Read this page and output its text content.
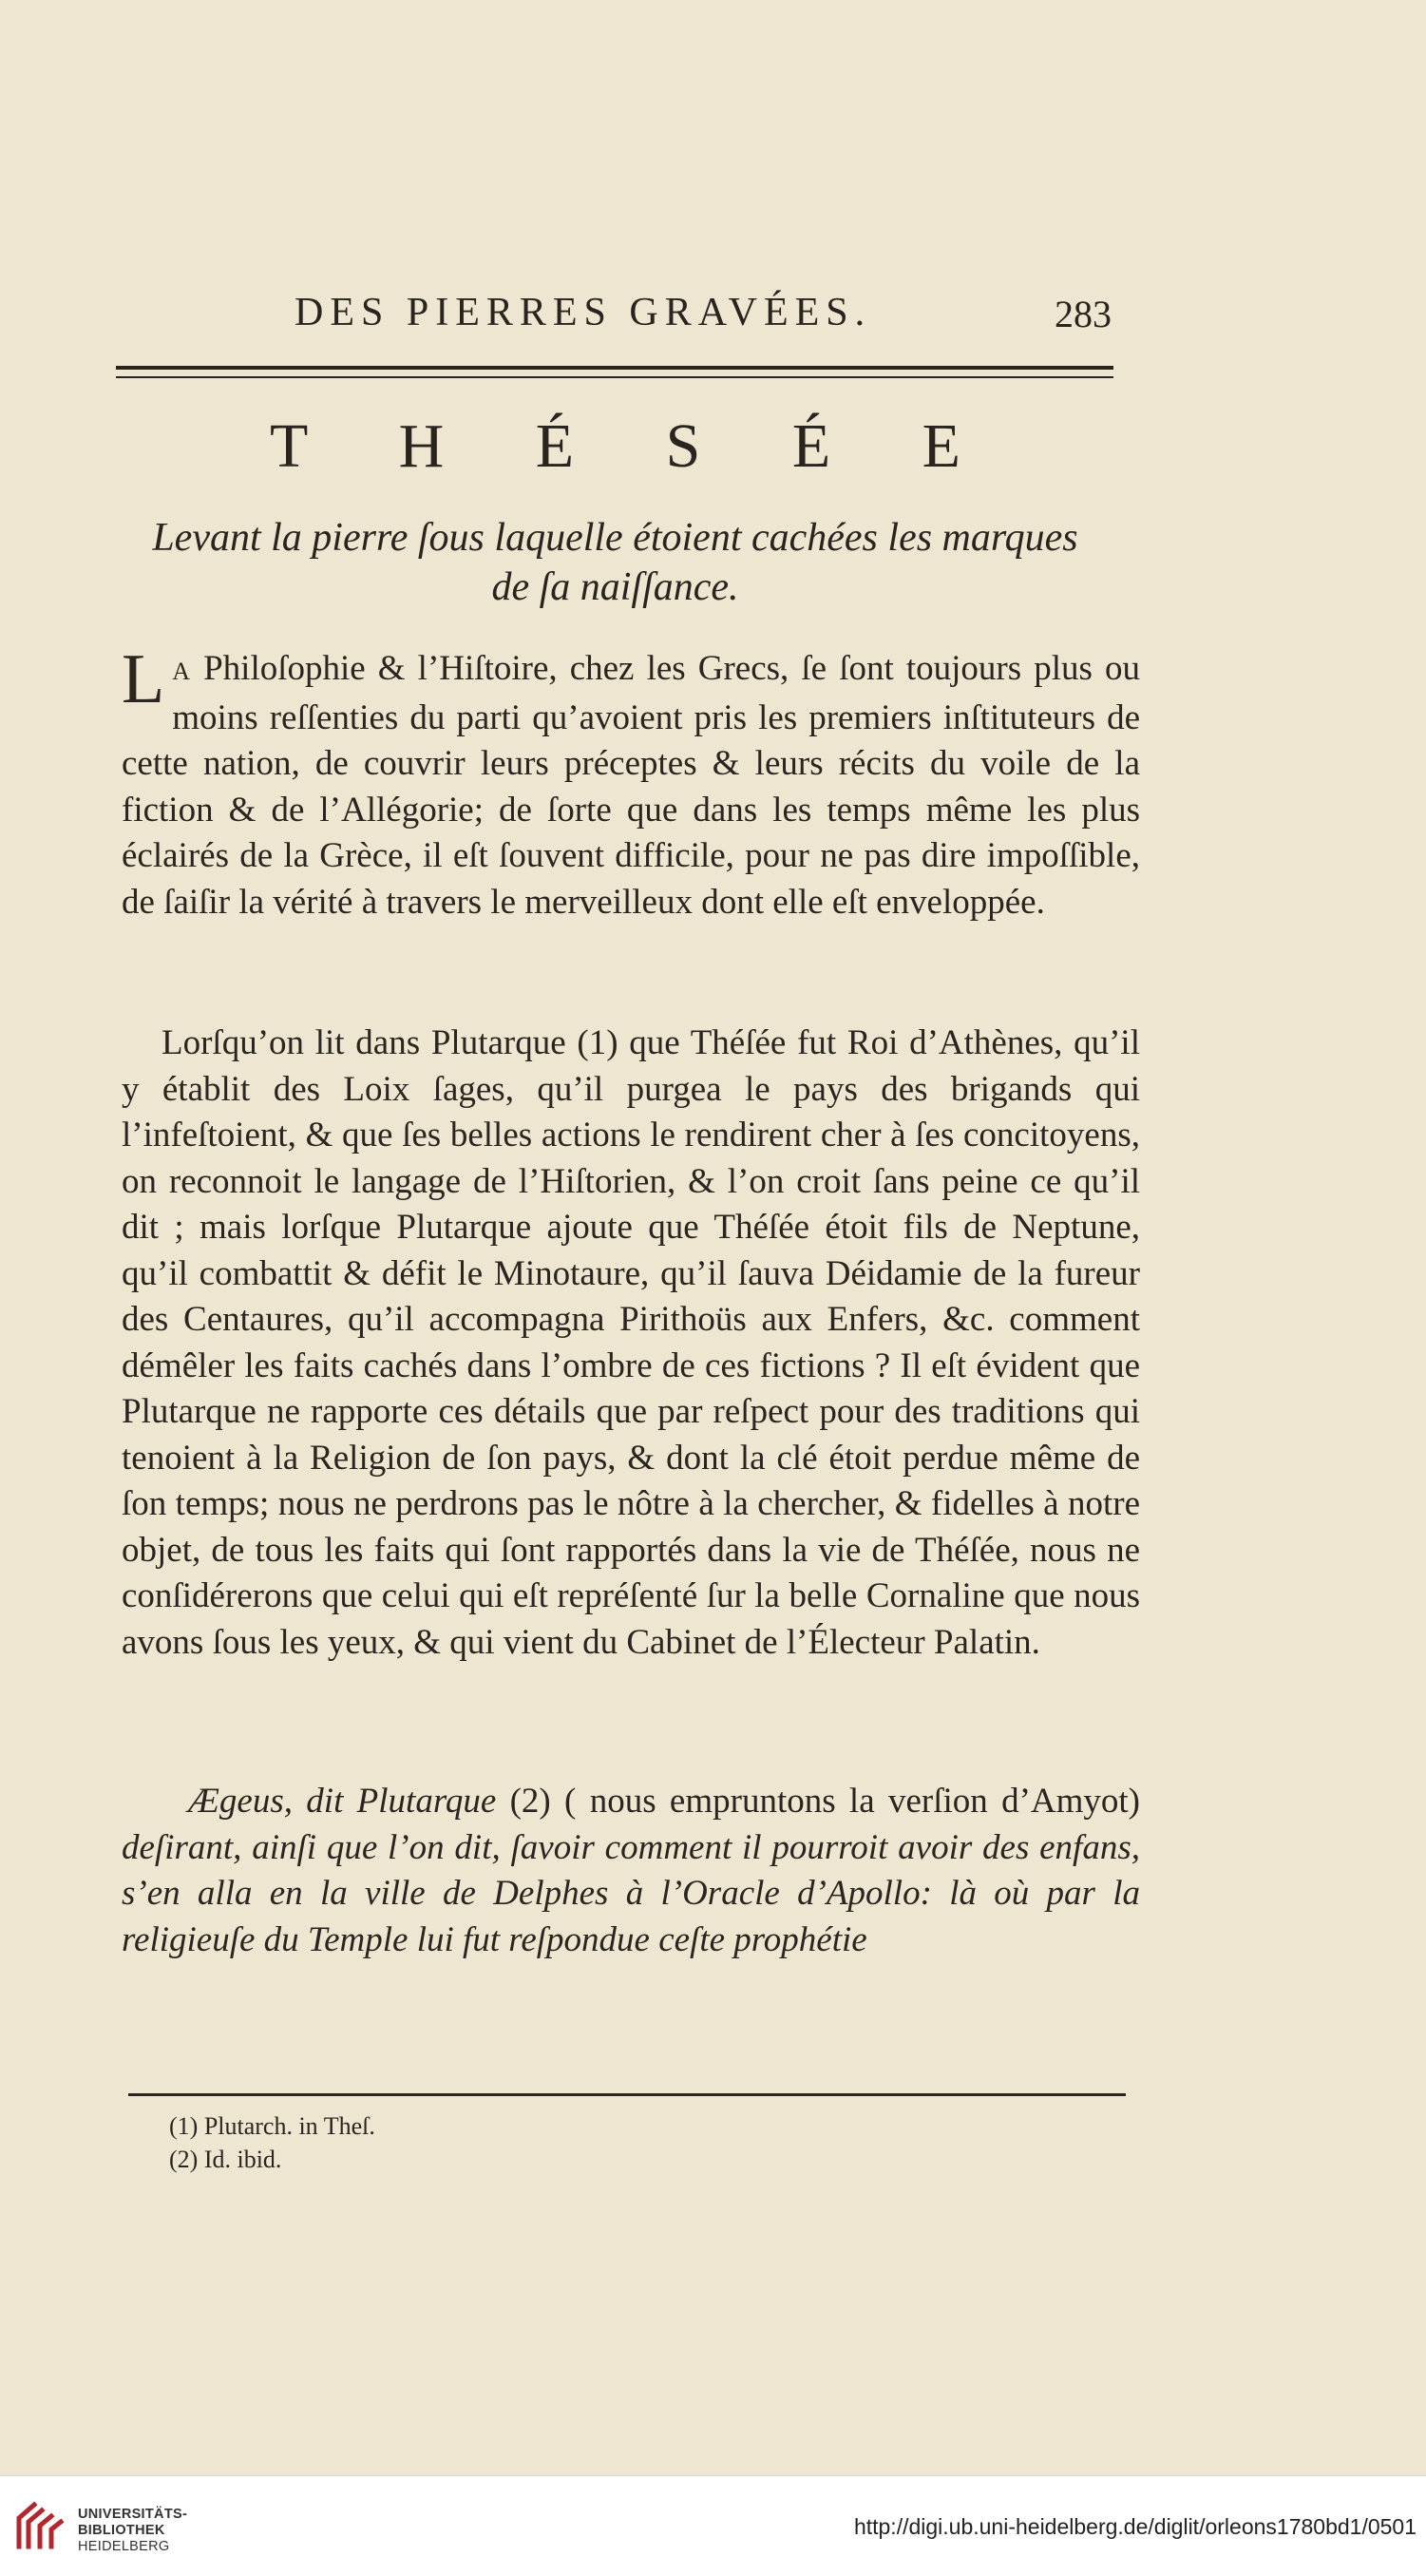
DES PIERRES GRAVÉES.	283
T H É S É E
Levant la pierre ſous laquelle étoient cachées les marques
de ſa naiſſance.
L A Philoſophie & l’Hiſtoire, chez les Grecs, ſe ſont toujours plus ou moins reſſenties du parti qu’avoient pris les premiers inſtituteurs de cette nation, de couvrir leurs préceptes & leurs récits du voile de la fiction & de l’Allégorie; de ſorte que dans les temps même les plus éclairés de la Grèce, il eſt ſouvent difficile, pour ne pas dire impoſſible, de ſaiſir la vérité à travers le merveilleux dont elle eſt enveloppée.
Lorſqu’on lit dans Plutarque (1) que Théſée fut Roi d’Athènes, qu’il y établit des Loix ſages, qu’il purgea le pays des brigands qui l’infeſtoient, & que ſes belles actions le rendirent cher à ſes concitoyens, on reconnoit le langage de l’Hiſtorien, & l’on croit ſans peine ce qu’il dit ; mais lorſque Plutarque ajoute que Théſée étoit fils de Neptune, qu’il combattit & défit le Minotaure, qu’il ſauva Déidamie de la fureur des Centaures, qu’il accompagna Pirithoüs aux Enfers, &c. comment démêler les faits cachés dans l’ombre de ces fictions ? Il eſt évident que Plutarque ne rapporte ces détails que par reſpect pour des traditions qui tenoient à la Religion de ſon pays, & dont la clé étoit perdue même de ſon temps; nous ne perdrons pas le nôtre à la chercher, & fidelles à notre objet, de tous les faits qui ſont rapportés dans la vie de Théſée, nous ne conſidérerons que celui qui eſt repréſenté ſur la belle Cornaline que nous avons ſous les yeux, & qui vient du Cabinet de l’Électeur Palatin.
Ægeus, dit Plutarque (2) ( nous empruntons la verſion d’Amyot) deſirant, ainſi que l’on dit, ſavoir comment il pourroit avoir des enfans, s’en alla en la ville de Delphes à l’Oracle d’Apollo: là où par la religieuſe du Temple lui fut reſpondue ceſte prophétie
(1) Plutarch. in Theſ.
(2) Id. ibid.
UNIVERSITÄTS-
BIBLIOTHEK
HEIDELBERG
http://digi.ub.uni-heidelberg.de/diglit/orleons1780bd1/0501
